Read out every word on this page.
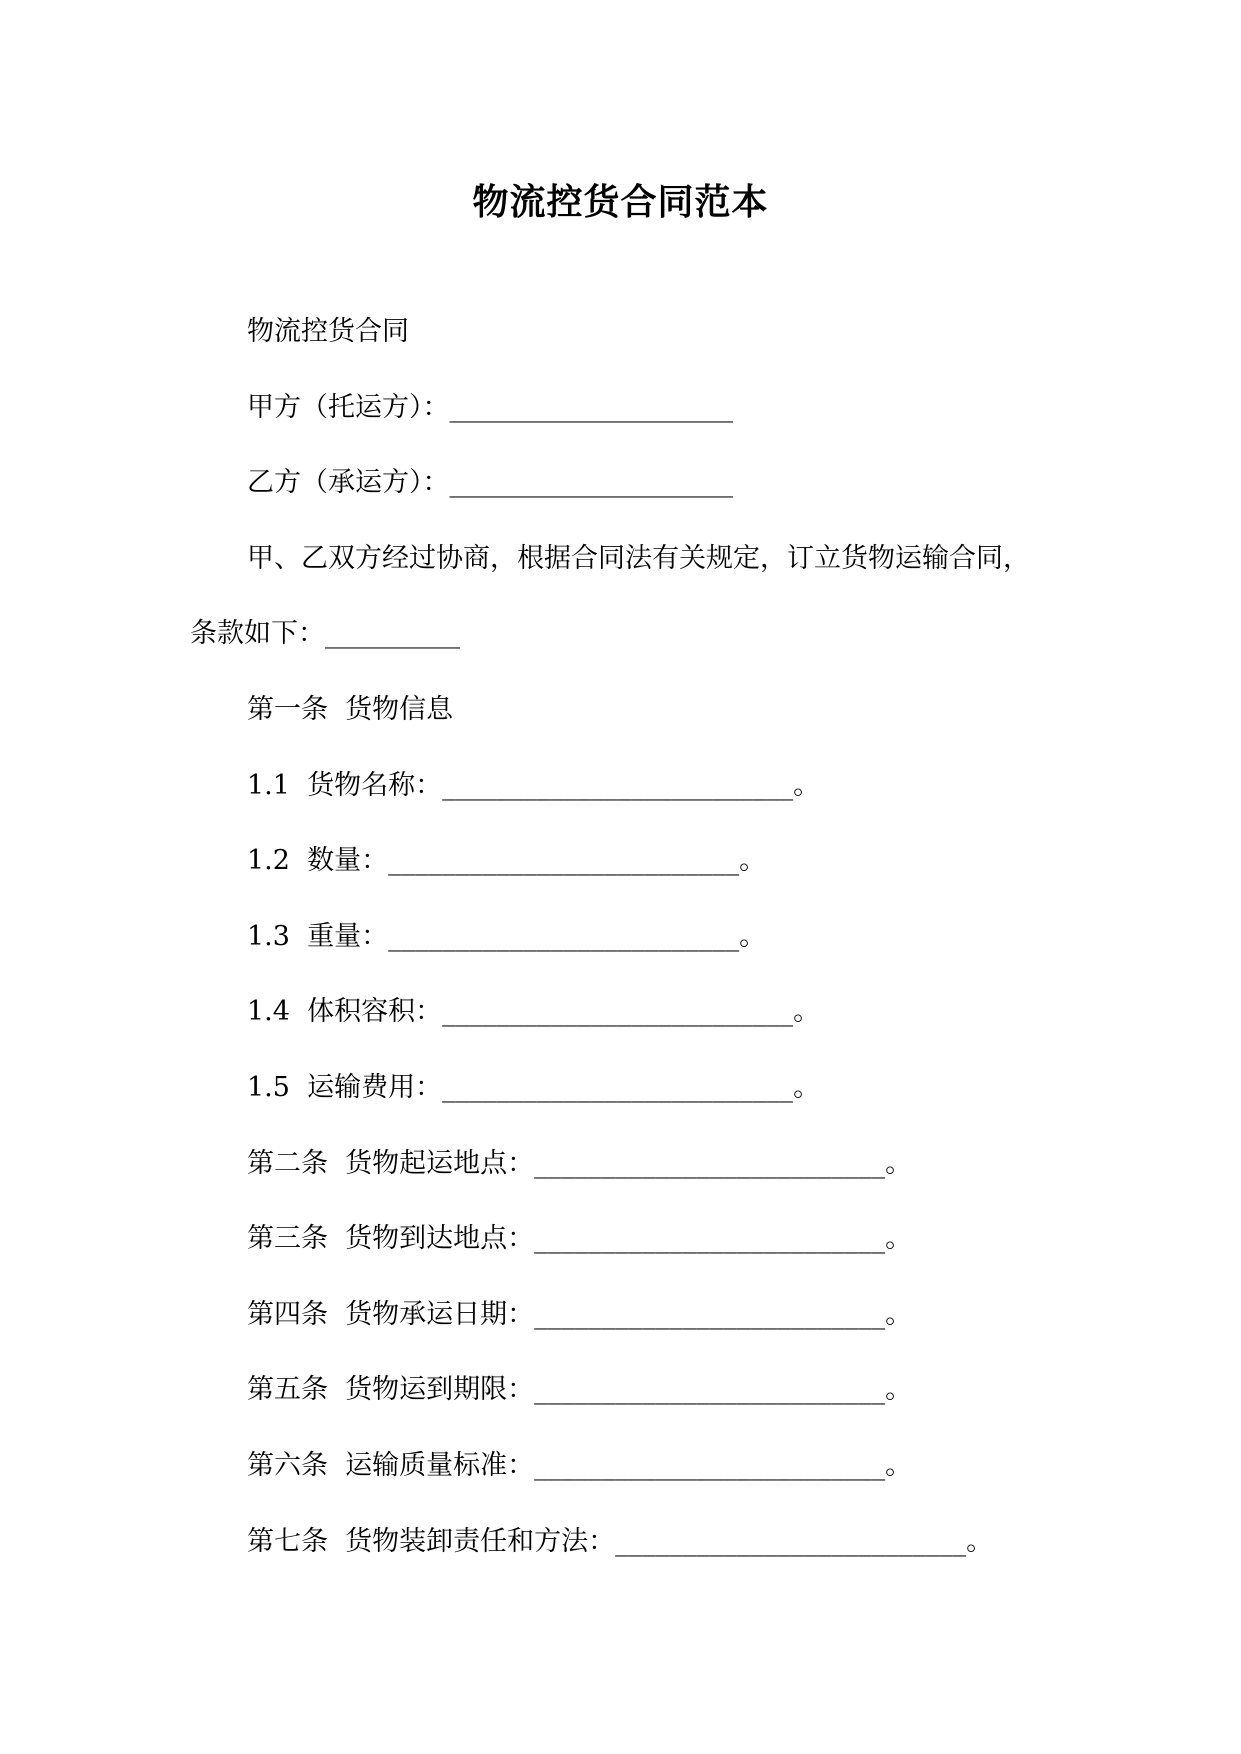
物流控货合同范本
物流控货合同
甲方（托运方）：_____________________
乙方（承运方）：_____________________
甲、乙双方经过协商，根据合同法有关规定，订立货物运输合同，
条款如下：__________
第一条  货物信息
1.1  货物名称：__________________________。
1.2  数量：__________________________。
1.3  重量：__________________________。
1.4  体积容积：__________________________。
1.5  运输费用：__________________________。
第二条  货物起运地点：__________________________。
第三条  货物到达地点：__________________________。
第四条  货物承运日期：__________________________。
第五条  货物运到期限：__________________________。
第六条  运输质量标准：__________________________。
第七条  货物装卸责任和方法：__________________________。
